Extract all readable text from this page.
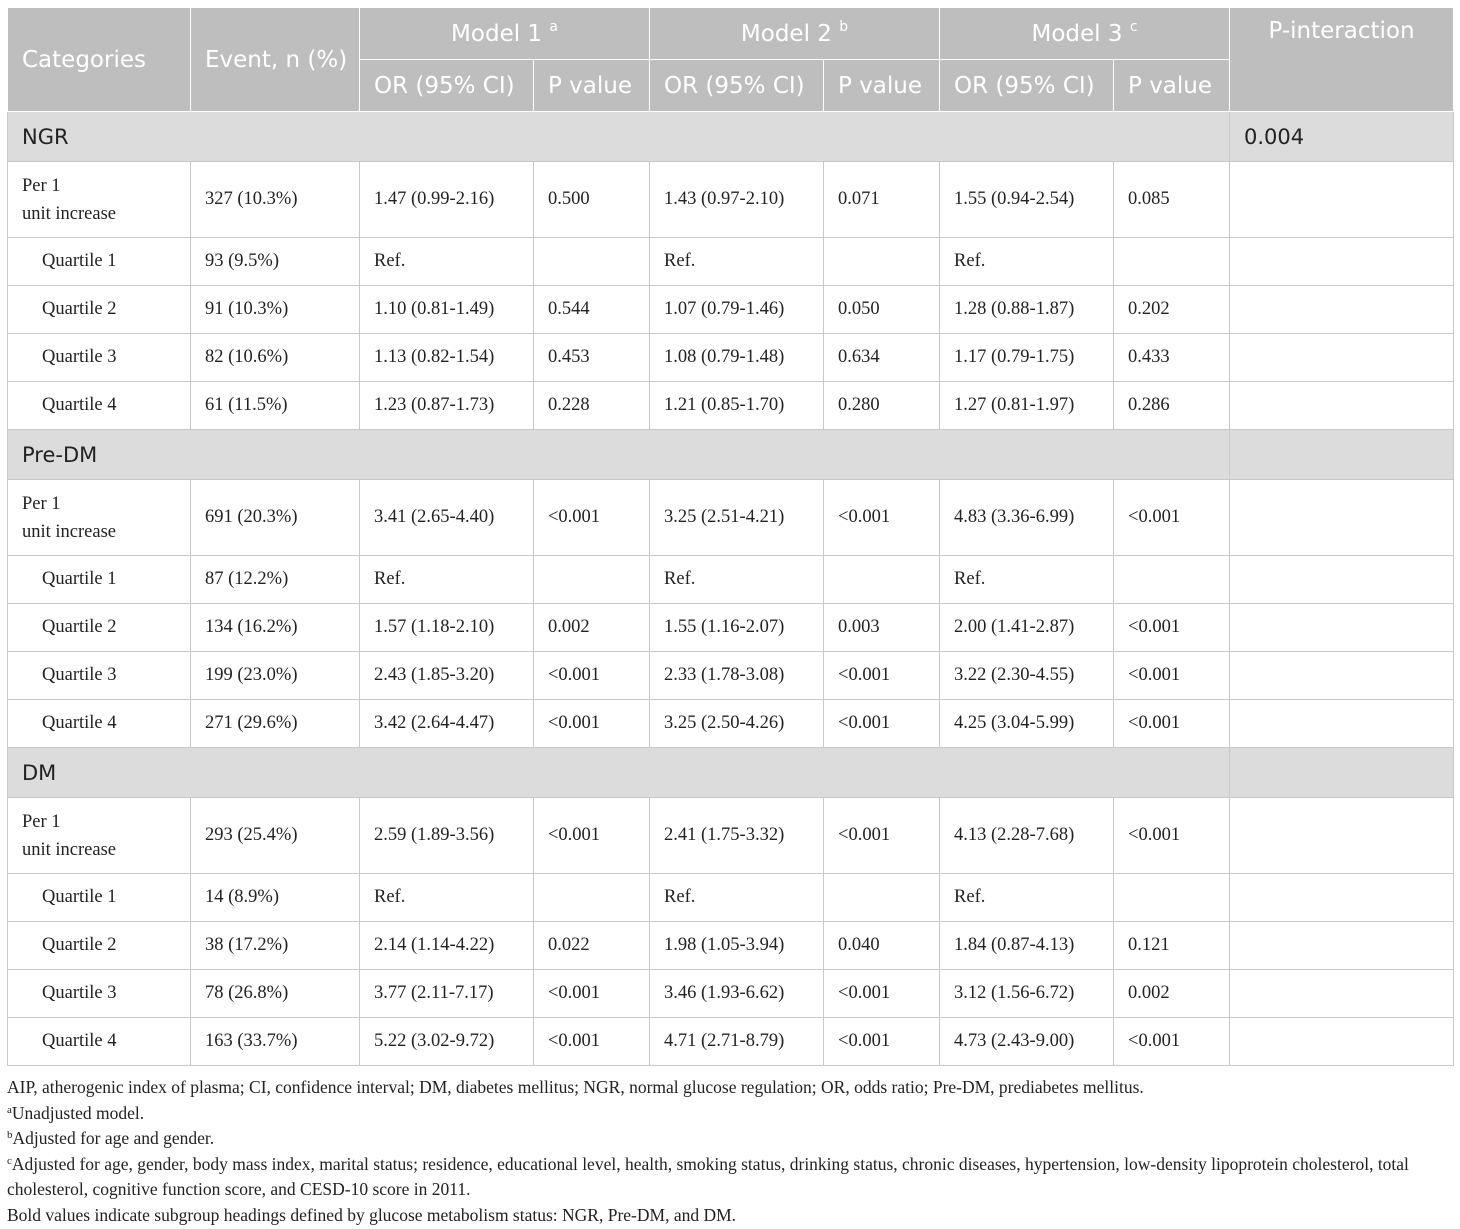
Categories	Event, n (%)	Model 1 $^a$		Model 2 $^b$		Model 3 $^c$		P-interaction
		OR (95% CI)	P value	OR (95% CI)	P value	OR (95% CI)	P value	
NGR								0.004

Per 1
unit increase	327 (10.3%)	1.47 (0.99-2.16)	0.500	1.43 (0.97-2.10)	0.071	1.55 (0.94-2.54)	0.085	

Quartile 1	93 (9.5%)	Ref.		Ref.		Ref.		

Quartile 2	91 (10.3%)	1.10 (0.81-1.49)	0.544	1.07 (0.79-1.46)	0.050	1.28 (0.88-1.87)	0.202	

Quartile 3	82 (10.6%)	1.13 (0.82-1.54)	0.453	1.08 (0.79-1.48)	0.634	1.17 (0.79-1.75)	0.433	

Quartile 4	61 (11.5%)	1.23 (0.87-1.73)	0.228	1.21 (0.85-1.70)	0.280	1.27 (0.81-1.97)	0.286	
Pre-DM								

Per 1
unit increase	691 (20.3%)	3.41 (2.65-4.40)	<0.001	3.25 (2.51-4.21)	<0.001	4.83 (3.36-6.99)	<0.001	

Quartile 1	87 (12.2%)	Ref.		Ref.		Ref.		

Quartile 2	134 (16.2%)	1.57 (1.18-2.10)	0.002	1.55 (1.16-2.07)	0.003	2.00 (1.41-2.87)	<0.001	

Quartile 3	199 (23.0%)	2.43 (1.85-3.20)	<0.001	2.33 (1.78-3.08)	<0.001	3.22 (2.30-4.55)	<0.001	

Quartile 4	271 (29.6%)	3.42 (2.64-4.47)	<0.001	3.25 (2.50-4.26)	<0.001	4.25 (3.04-5.99)	<0.001	
DM								

Per 1
unit increase	293 (25.4%)	2.59 (1.89-3.56)	<0.001	2.41 (1.75-3.32)	<0.001	4.13 (2.28-7.68)	<0.001	

Quartile 1	14 (8.9%)	Ref.		Ref.		Ref.		

Quartile 2	38 (17.2%)	2.14 (1.14-4.22)	0.022	1.98 (1.05-3.94)	0.040	1.84 (0.87-4.13)	0.121	

Quartile 3	78 (26.8%)	3.77 (2.11-7.17)	<0.001	3.46 (1.93-6.62)	<0.001	3.12 (1.56-6.72)	0.002	

Quartile 4	163 (33.7%)	5.22 (3.02-9.72)	<0.001	4.71 (2.71-8.79)	<0.001	4.73 (2.43-9.00)	<0.001	

AIP, atherogenic index of plasma; CI, confidence interval; DM, diabetes mellitus; NGR, normal glucose regulation; OR, odds ratio; Pre-DM, prediabetes mellitus.

$^a$Unadjusted model.

$^b$Adjusted for age and gender.

$^c$Adjusted for age, gender, body mass index, marital status; residence, educational level, health, smoking status, drinking status, chronic diseases, hypertension, low-density lipoprotein cholesterol, total cholesterol, cognitive function score, and CESD-10 score in 2011.

Bold values indicate subgroup headings defined by glucose metabolism status: NGR, Pre-DM, and DM.
